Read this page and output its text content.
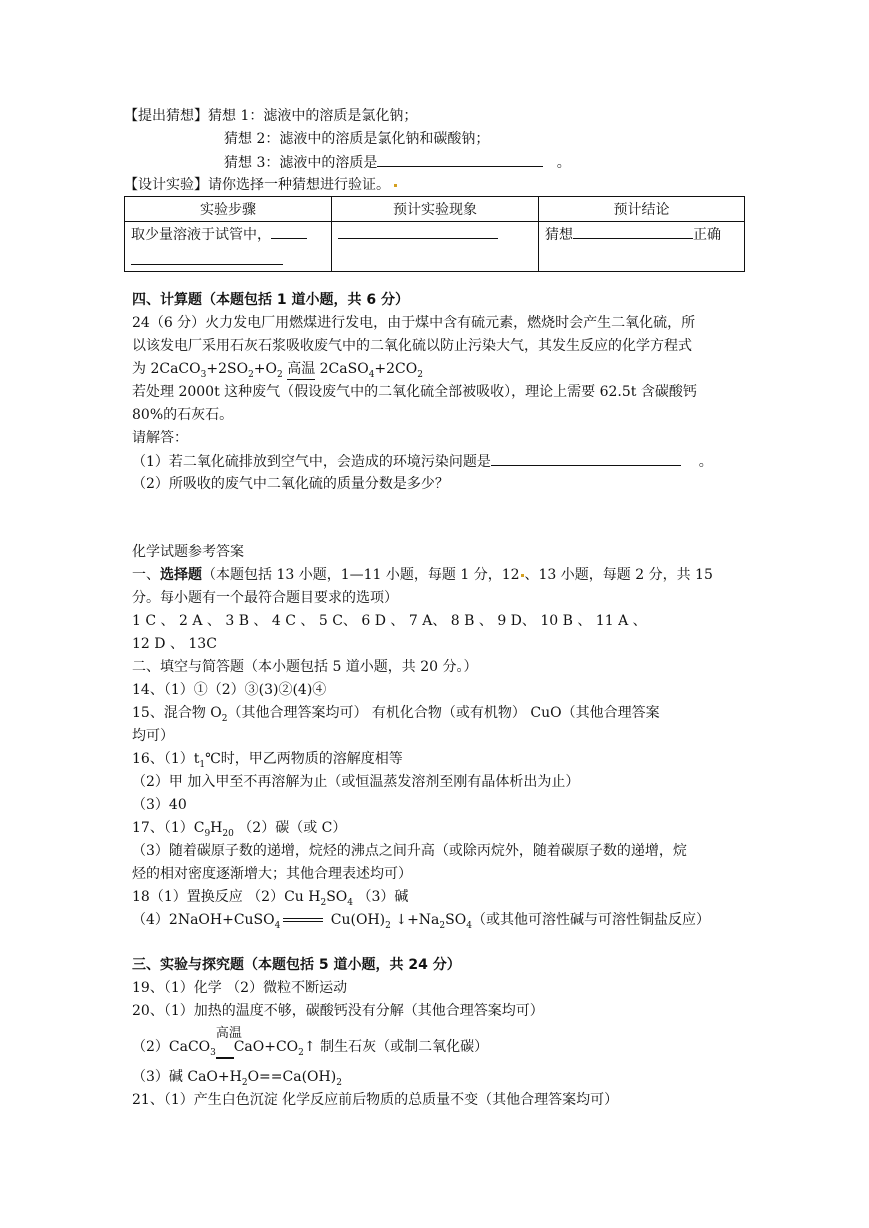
【提出猜想】猜想 1：滤液中的溶质是氯化钠；
猜想 2：滤液中的溶质是氯化钠和碳酸钠；
猜想 3：滤液中的溶质是	。
【设计实验】请你选择一种猜想进行验证。
实验步骤	预计实验现象	预计结论
取少量溶液于试管中，		猜想 正确
四、计算题（本题包括 1 道小题，共 6 分）
24（6 分）火力发电厂用燃煤进行发电，由于煤中含有硫元素，燃烧时会产生二氧化硫，所
以该发电厂采用石灰石浆吸收废气中的二氧化硫以防止污染大气，其发生反应的化学方程式
为 $2CaCO_3+2SO_2+O_2$ 高温 $2CaSO_4+2CO_2$
若处理 2000t 这种废气（假设废气中的二氧化硫全部被吸收），理论上需要 62.5t 含碳酸钙
80%的石灰石。
请解答：
（1）若二氧化硫排放到空气中，会造成的环境污染问题是	。
（2）所吸收的废气中二氧化硫的质量分数是多少？
化学试题参考答案
一、选择题（本题包括 13 小题，1—11 小题，每题 1 分，12 、13 小题，每题 2 分，共 15
分。每小题有一个最符合题目要求的选项）
1 C 、 2 A 、 3 B 、 4 C 、 5 C、 6 D 、 7 A、 8 B 、 9 D、 10 B 、 11 A 、
12 D 、 13C
二、填空与简答题（本小题包括 5 道小题，共 20 分。）
14、（1）①（2）③(3)②(4)④
15、混合物 $O_2$（其他合理答案均可） 有机化合物（或有机物） CuO（其他合理答案
均可）
16、$(1)t_1℃$时，甲乙两物质的溶解度相等
（2）甲 加入甲至不再溶解为止（或恒温蒸发溶剂至刚有晶体析出为止）
（3）40
17、$(1)C_9H_{20}$ （2）碳（或 C）
（3）随着碳原子数的递增，烷烃的沸点之间升高（或除丙烷外，随着碳原子数的递增，烷
烃的相对密度逐渐增大；其他合理表述均可）
18（1）置换反应 （2）Cu $H_2SO_4$ （3）碱
（4）2NaOH+CuSO$_4$	$Cu(OH)_2$ $↓+Na_2SO_4$（或其他可溶性碱与可溶性铜盐反应）
三、实验与探究题（本题包括 5 道小题，共 24 分）
19、（1）化学 （2）微粒不断运动
20、（1）加热的温度不够，碳酸钙没有分解（其他合理答案均可）
（2）CaCO$_3$
高温
$CaO+CO_2↑$ 制生石灰（或制二氧化碳）
（3）碱 $CaO+H_2O==Ca(OH)_2$
21、（1）产生白色沉淀 化学反应前后物质的总质量不变（其他合理答案均可）
